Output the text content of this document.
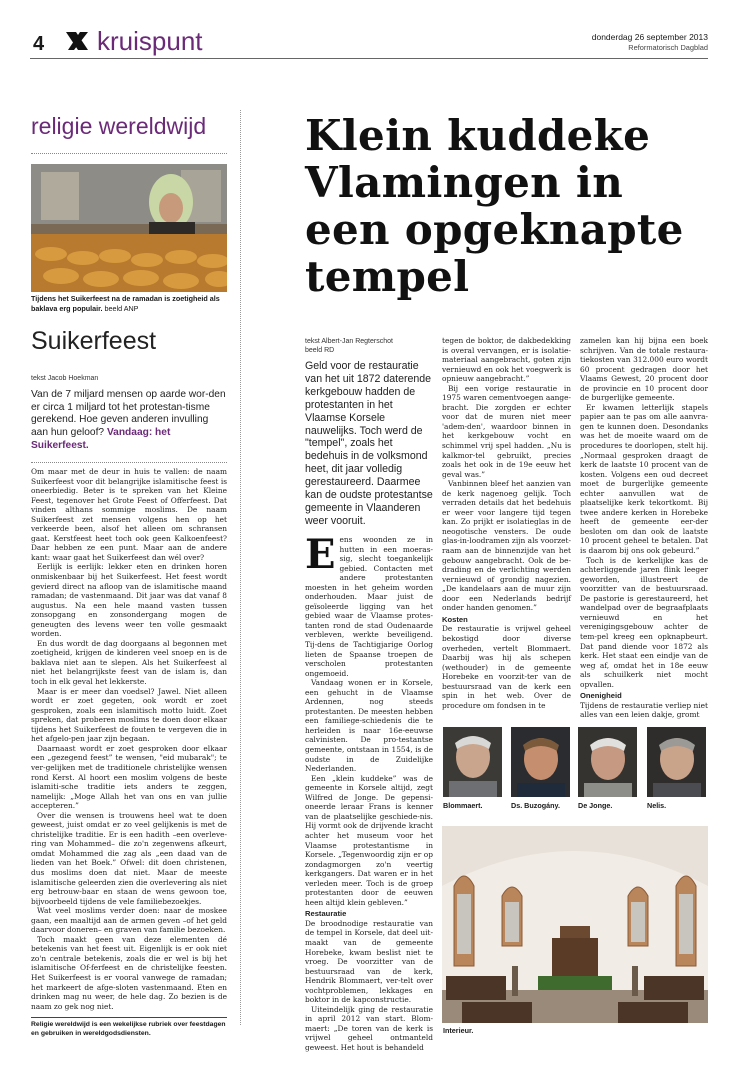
4 kruispunt	donderdag 26 september 2013
Reformatorisch Dagblad
religie wereldwijd
Tijdens het Suikerfeest na de ramadan is zoetigheid als baklava erg populair. beeld ANP
Suikerfeest
tekst Jacob Hoekman
Van de 7 miljard mensen op aarde wor-den er circa 1 miljard tot het protestan-tisme gerekend. Hoe geven anderen invulling aan hun geloof? Vandaag: het Suikerfeest.

Om maar met de deur in huis te vallen: de naam Suikerfeest voor dit belangrijke islamitische feest is oneerbiedig. Beter is te spreken van het Kleine Feest, tegenover het Grote Feest of Offerfeest. Dat vinden althans sommige moslims. De naam Suikerfeest zet mensen volgens hen op het verkeerde been, alsof het alleen om schransen gaat. Kerstfeest heet toch ook geen Kalkoenfeest? Daar hebben ze een punt. Maar aan de andere kant: waar gaat het Suikerfeest dan wél over?

Eerlijk is eerlijk: lekker eten en drinken horen onmiskenbaar bij het Suikerfeest. Het feest wordt gevierd direct na afloop van de islamitische maand ramadan; de vastenmaand. Dit jaar was dat vanaf 8 augustus. Na een hele maand vasten tussen zonsopgang en zonsondergang mogen de geneugten des levens weer ten volle gesmaakt worden.

En dus wordt de dag doorgaans al begonnen met zoetigheid, krijgen de kinderen veel snoep en is de baklava niet aan te slepen. Als het Suikerfeest al niet het belangrijkste feest van de islam is, dan toch in elk geval het lekkerste.

Maar is er meer dan voedsel? Jawel. Niet alleen wordt er zoet gegeten, ook wordt er zoet gesproken, zoals een islamitisch motto luidt. Zoet spreken, dat proberen moslims te doen door elkaar tijdens het Suikerfeest de fouten te vergeven die in het afgelo-pen jaar zijn begaan.

Daarnaast wordt er zoet gesproken door elkaar een „gezegend feest” te wensen, "eid mubarak"; te ver-gelijken met de traditionele christelijke wensen rond Kerst. Al hoort een moslim volgens de beste islamiti-sche traditie iets anders te zeggen, namelijk: „Moge Allah het van ons en van jullie accepteren.”

Over die wensen is trouwens heel wat te doen geweest, juist omdat er zo veel gelijkenis is met de christelijke traditie. Er is een hadith –een overleve-ring van Mohammed– die zo'n zegenwens afkeurt, omdat Mohammed die zag als „een daad van de lieden van het Boek.” Ofwel: dit doen christenen, dus moslims doen dat niet. Maar de meeste islamitische geleerden zien die overlevering als niet erg betrouw-baar en staan de wens gewoon toe, bijvoorbeeld tijdens de vele familiebezoekjes.

Wat veel moslims verder doen: naar de moskee gaan, een maaltijd aan de armen geven –of het geld daarvoor doneren– en graven van familie bezoeken.

Toch maakt geen van deze elementen dé betekenis van het feest uit. Eigenlijk is er ook niet zo'n centrale betekenis, zoals die er wel is bij het islamitische Of-ferfeest en de christelijke feesten. Het Suikerfeest is er vooral vanwege de ramadan; het markeert de afge-sloten vastenmaand. Eten en drinken mag nu weer, de hele dag. Zo bezien is de naam zo gek nog niet.

Religie wereldwijd is een wekelijkse rubriek over feestdagen en gebruiken in wereldgodsdiensten.
Klein kuddeke Vlamingen in een opgeknapte tempel
tekst Albert-Jan Regterschot
beeld RD
Geld voor de restauratie van het uit 1872 daterende kerkgebouw hadden de protestanten in het Vlaamse Korsele nauwelijks. Toch werd de "tempel", zoals het bedehuis in de volksmond heet, dit jaar volledig gerestaureerd. Daarmee kan de oudste protestantse gemeente in Vlaanderen weer vooruit.

Eens woonden ze in hutten in een moeras-sig, slecht toegankelijk gebied. Contacten met andere protestanten moesten in het geheim worden onderhouden. Maar juist de geïsoleerde ligging van het gebied waar de Vlaamse protes-tanten rond de stad Oudenaarde verbleven, werkte beveiligend. Tij-dens de Tachtigjarige Oorlog lieten de Spaanse troepen de verscholen protestanten ongemoeid.

Vandaag wonen er in Korsele, een gehucht in de Vlaamse Ardennen, nog steeds protestanten. De meesten hebben een familiege-schiedenis die te herleiden is naar 16e-eeuwse calvinisten. De pro-testantse gemeente, ontstaan in 1554, is de oudste in de Zuidelijke Nederlanden.

Een „klein kuddeke” was de gemeente in Korsele altijd, zegt Wilfred de Jonge. De gepensi-oneerde leraar Frans is kenner van de plaatselijke geschiede-nis. Hij vormt ook de drijvende kracht achter het museum voor het Vlaamse protestantisme in Korsele. „Tegenwoordig zijn er op zondagmorgen zo'n veertig kerkgangers. Dat waren er in het verleden meer. Toch is de groep protestanten door de eeuwen heen altijd klein gebleven.”

Restauratie

De broodnodige restauratie van de tempel in Korsele, dat deel uit-maakt van de gemeente Horebeke, kwam beslist niet te vroeg. De voorzitter van de bestuursraad van de kerk, Hendrik Blommaert, ver-telt over vochtproblemen, lekkages en boktor in de kapconstructie.

Uiteindelijk ging de restauratie in april 2012 van start. Blom-maert: „De toren van de kerk is vrijwel geheel ontmanteld geweest. Het hout is behandeld

tegen de boktor, de dakbedekking is overal vervangen, er is isolatie-materiaal aangebracht, goten zijn vernieuwd en ook het voegwerk is opnieuw aangebracht.”

Bij een vorige restauratie in 1975 waren cementvoegen aange-bracht. Die zorgden er echter voor dat de muren niet meer 'adem-den', waardoor binnen in het kerkgebouw vocht en schimmel vrij spel hadden. „Nu is kalkmor-tel gebruikt, precies zoals het ook in de 19e eeuw het geval was.”

Vanbinnen bleef het aanzien van de kerk nagenoeg gelijk. Toch verraden details dat het bedehuis er weer voor langere tijd tegen kan. Zo prijkt er isolatieglas in de neogotische vensters. De oude glas-in-loodramen zijn als voorzet-raam aan de binnenzijde van het gebouw aangebracht. Ook de be-drading en de verlichting werden vernieuwd of grondig nagezien. „De kandelaars aan de muur zijn door een Nederlands bedrijf onder handen genomen.”

Kosten

De restauratie is vrijwel geheel bekostigd door diverse overheden, vertelt Blommaert. Daarbij was hij als schepen (wethouder) in de gemeente Horebeke en voorzit-ter van de bestuursraad van de kerk een spin in het web. Over de procedure om fondsen in te

zamelen kan hij bijna een boek schrijven. Van de totale restaura-tiekosten van 312.000 euro wordt 60 procent gedragen door het Vlaams Gewest, 20 procent door de provincie en 10 procent door de burgerlijke gemeente.

Er kwamen letterlijk stapels papier aan te pas om alle aanvra-gen te kunnen doen. Desondanks was het de moeite waard om de procedures te doorlopen, stelt hij. „Normaal gesproken draagt de kerk de laatste 10 procent van de kosten. Volgens een oud decreet moet de burgerlijke gemeente echter aanvullen wat de plaatselijke kerk tekortkomt. Bij twee andere kerken in Horebeke heeft de gemeente eer-der besloten om dan ook de laatste 10 procent geheel te betalen. Dat is daarom bij ons ook gebeurd.”

Toch is de kerkelijke kas de achterliggende jaren flink leeger geworden, illustreert de voorzitter van de bestuursraad. De pastorie is gerestaureerd, het wandelpad over de begraafplaats vernieuwd en het verenigingsgebouw achter de tem-pel kreeg een opknapbeurt. Dat pand diende voor 1872 als kerk. Het staat een eindje van de weg af, omdat het in 18e eeuw als schuilkerk niet mocht opvallen.

Onenigheid

Tijdens de restauratie verliep niet alles van een leien dakje, gromt

Blommaert.	Ds. Buzogány.	De Jonge.	Nelis.
Interieur.
